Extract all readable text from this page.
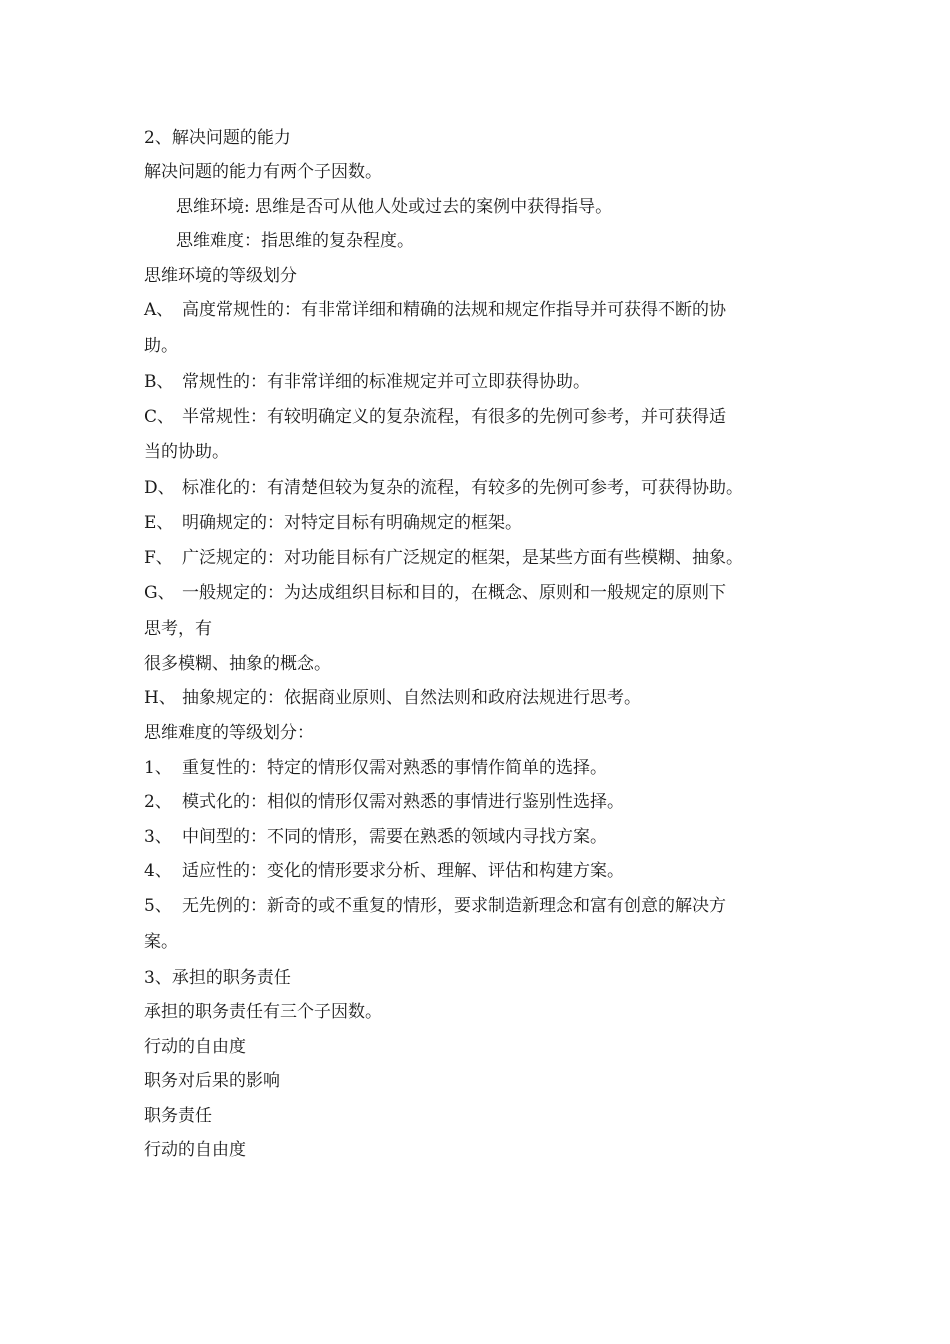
2、解决问题的能力

解决问题的能力有两个子因数。

思维环境: 思维是否可从他人处或过去的案例中获得指导。

思维难度：指思维的复杂程度。

思维环境的等级划分

A、 高度常规性的：有非常详细和精确的法规和规定作指导并可获得不断的协

助。

B、 常规性的：有非常详细的标准规定并可立即获得协助。

C、 半常规性：有较明确定义的复杂流程，有很多的先例可参考，并可获得适

当的协助。

D、 标准化的：有清楚但较为复杂的流程，有较多的先例可参考，可获得协助。

E、 明确规定的：对特定目标有明确规定的框架。

F、 广泛规定的：对功能目标有广泛规定的框架，是某些方面有些模糊、抽象。

G、 一般规定的：为达成组织目标和目的，在概念、原则和一般规定的原则下

思考，有

很多模糊、抽象的概念。

H、 抽象规定的：依据商业原则、自然法则和政府法规进行思考。

思维难度的等级划分：

1、 重复性的：特定的情形仅需对熟悉的事情作简单的选择。

2、 模式化的：相似的情形仅需对熟悉的事情进行鉴别性选择。

3、 中间型的：不同的情形，需要在熟悉的领域内寻找方案。

4、 适应性的：变化的情形要求分析、理解、评估和构建方案。

5、 无先例的：新奇的或不重复的情形，要求制造新理念和富有创意的解决方

案。

3、承担的职务责任

承担的职务责任有三个子因数。

行动的自由度

职务对后果的影响

职务责任

行动的自由度
